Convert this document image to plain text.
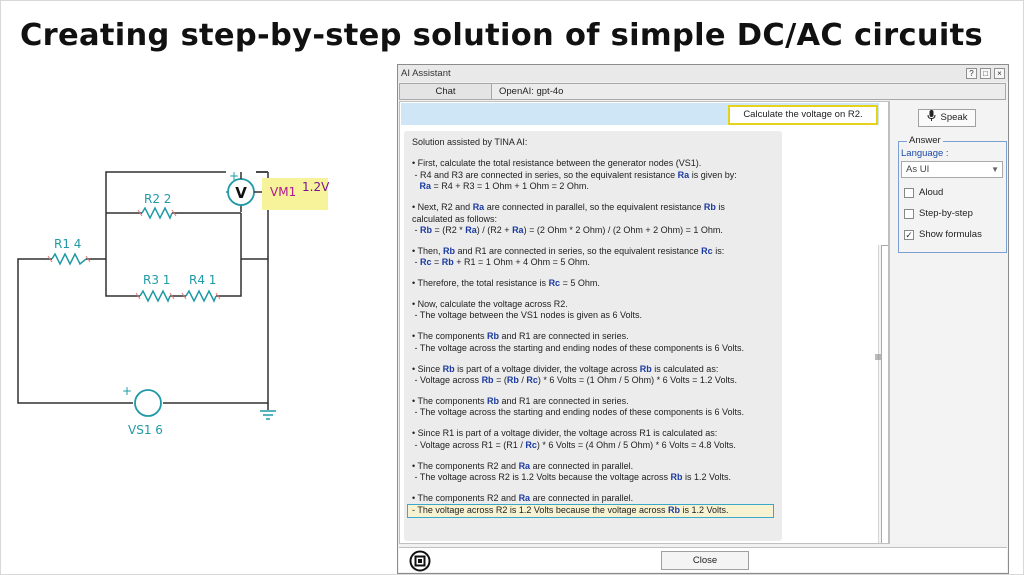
Creating step-by-step solution of simple DC/AC circuits
V
+
VM1 1.2V
+
R2 2
R3 1 R4 1
R1 4
VS1 6
AI Assistant	?	□	×
Chat	OpenAI: gpt-4o
Calculate the voltage on R2.

Solution assisted by TINA AI:

• First, calculate the total resistance between the generator nodes (VS1).
- R4 and R3 are connected in series, so the equivalent resistance Ra is given by:
Ra = R4 + R3 = 1 Ohm + 1 Ohm = 2 Ohm.

• Next, R2 and Ra are connected in parallel, so the equivalent resistance Rb is
calculated as follows:
- Rb = (R2 * Ra) / (R2 + Ra) = (2 Ohm * 2 Ohm) / (2 Ohm + 2 Ohm) = 1 Ohm.

• Then, Rb and R1 are connected in series, so the equivalent resistance Rc is:
- Rc = Rb + R1 = 1 Ohm + 4 Ohm = 5 Ohm.

• Therefore, the total resistance is Rc = 5 Ohm.

• Now, calculate the voltage across R2.
- The voltage between the VS1 nodes is given as 6 Volts.

• The components Rb and R1 are connected in series.
- The voltage across the starting and ending nodes of these components is 6 Volts.

• Since Rb is part of a voltage divider, the voltage across Rb is calculated as:
- Voltage across Rb = (Rb / Rc) * 6 Volts = (1 Ohm / 5 Ohm) * 6 Volts = 1.2 Volts.

• The components Rb and R1 are connected in series.
- The voltage across the starting and ending nodes of these components is 6 Volts.

• Since R1 is part of a voltage divider, the voltage across R1 is calculated as:
- Voltage across R1 = (R1 / Rc) * 6 Volts = (4 Ohm / 5 Ohm) * 6 Volts = 4.8 Volts.

• The components R2 and Ra are connected in parallel.
- The voltage across R2 is 1.2 Volts because the voltage across Rb is 1.2 Volts.

• The components R2 and Ra are connected in parallel.

- The voltage across R2 is 1.2 Volts because the voltage across Rb is 1.2 Volts.

Speak
Answer
Language :
As UI	▼
Aloud
Step-by-step
✓ Show formulas
Close
